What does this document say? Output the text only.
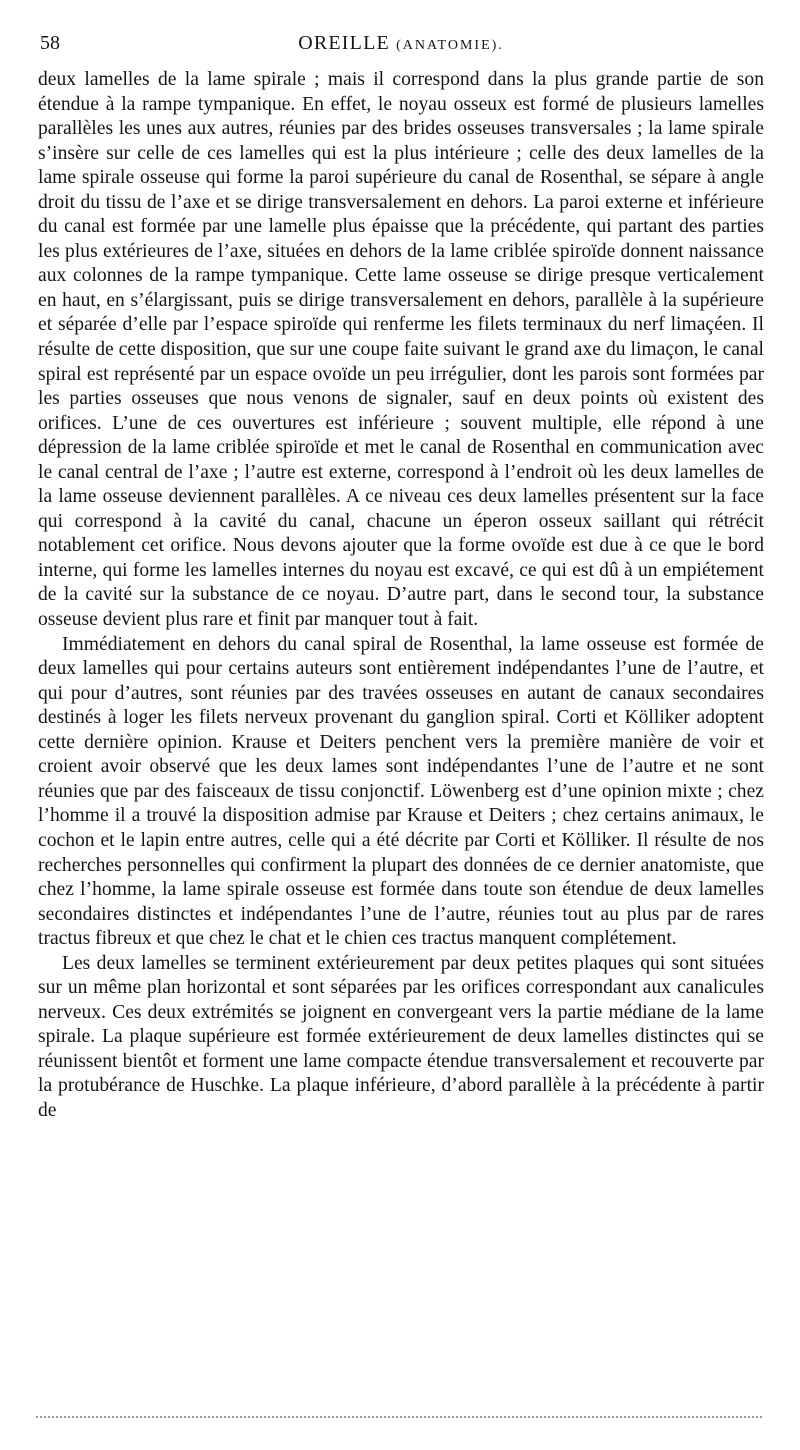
58	OREILLE (ANATOMIE).

deux lamelles de la lame spirale ; mais il correspond dans la plus grande partie de son étendue à la rampe tympanique. En effet, le noyau osseux est formé de plusieurs lamelles parallèles les unes aux autres, réunies par des brides osseuses transversales ; la lame spirale s’insère sur celle de ces lamelles qui est la plus intérieure ; celle des deux lamelles de la lame spirale osseuse qui forme la paroi supérieure du canal de Rosenthal, se sépare à angle droit du tissu de l’axe et se dirige transversalement en dehors. La paroi externe et inférieure du canal est formée par une lamelle plus épaisse que la précédente, qui partant des parties les plus extérieures de l’axe, situées en dehors de la lame criblée spiroïde donnent naissance aux colonnes de la rampe tympanique. Cette lame osseuse se dirige presque verticalement en haut, en s’élargissant, puis se dirige transversalement en dehors, parallèle à la supérieure et séparée d’elle par l’espace spiroïde qui renferme les filets terminaux du nerf limaçéen. Il résulte de cette disposition, que sur une coupe faite suivant le grand axe du limaçon, le canal spiral est représenté par un espace ovoïde un peu irrégulier, dont les parois sont formées par les parties osseuses que nous venons de signaler, sauf en deux points où existent des orifices. L’une de ces ouvertures est inférieure ; souvent multiple, elle répond à une dépression de la lame criblée spiroïde et met le canal de Rosenthal en communication avec le canal central de l’axe ; l’autre est externe, correspond à l’endroit où les deux lamelles de la lame osseuse deviennent parallèles. A ce niveau ces deux lamelles présentent sur la face qui correspond à la cavité du canal, chacune un éperon osseux saillant qui rétrécit notablement cet orifice. Nous devons ajouter que la forme ovoïde est due à ce que le bord interne, qui forme les lamelles internes du noyau est excavé, ce qui est dû à un empiétement de la cavité sur la substance de ce noyau. D’autre part, dans le second tour, la substance osseuse devient plus rare et finit par manquer tout à fait.

Immédiatement en dehors du canal spiral de Rosenthal, la lame osseuse est formée de deux lamelles qui pour certains auteurs sont entièrement indépendantes l’une de l’autre, et qui pour d’autres, sont réunies par des travées osseuses en autant de canaux secondaires destinés à loger les filets nerveux provenant du ganglion spiral. Corti et Kölliker adoptent cette dernière opinion. Krause et Deiters penchent vers la première manière de voir et croient avoir observé que les deux lames sont indépendantes l’une de l’autre et ne sont réunies que par des faisceaux de tissu conjonctif. Löwenberg est d’une opinion mixte ; chez l’homme il a trouvé la disposition admise par Krause et Deiters ; chez certains animaux, le cochon et le lapin entre autres, celle qui a été décrite par Corti et Kölliker. Il résulte de nos recherches personnelles qui confirment la plupart des données de ce dernier anatomiste, que chez l’homme, la lame spirale osseuse est formée dans toute son étendue de deux lamelles secondaires distinctes et indépendantes l’une de l’autre, réunies tout au plus par de rares tractus fibreux et que chez le chat et le chien ces tractus manquent complétement.

Les deux lamelles se terminent extérieurement par deux petites plaques qui sont situées sur un même plan horizontal et sont séparées par les orifices correspondant aux canalicules nerveux. Ces deux extrémités se joignent en convergeant vers la partie médiane de la lame spirale. La plaque supérieure est formée extérieurement de deux lamelles distinctes qui se réunissent bientôt et forment une lame compacte étendue transversalement et recouverte par la protubérance de Huschke. La plaque inférieure, d’abord parallèle à la précédente à partir de
